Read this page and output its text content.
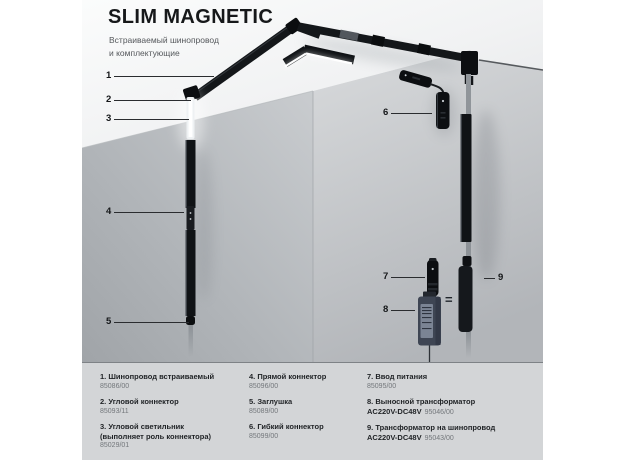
SLIM MAGNETIC
Встраиваемый шинопровод
и комплектующие
1
2
3
4
5
6
7
8
9
=
1. Шинопровод встраиваемый
85086/00
2. Угловой коннектор
85093/11
3. Угловой светильник (выполняет роль коннектора)
85029/01
4. Прямой коннектор
85096/00
5. Заглушка
85089/00
6. Гибкий коннектор
85099/00
7. Ввод питания
85095/00
8. Выносной трансформатор
AC220V-DC48V 95046/00
9. Трансформатор на шинопровод
AC220V-DC48V 95043/00
